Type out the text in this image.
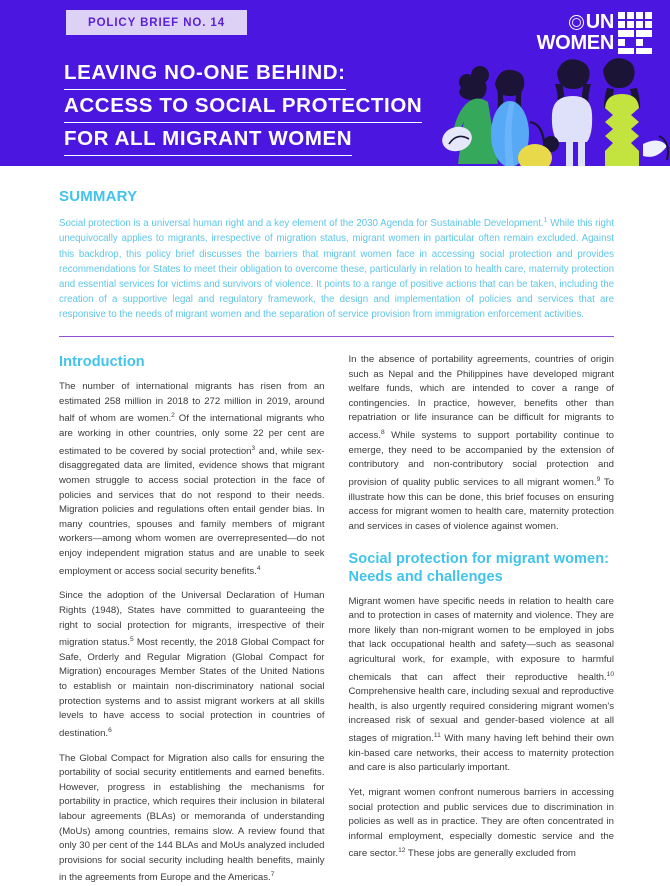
POLICY BRIEF NO. 14
LEAVING NO-ONE BEHIND:
ACCESS TO SOCIAL PROTECTION
FOR ALL MIGRANT WOMEN
UN
WOMEN
SUMMARY

Social protection is a universal human right and a key element of the 2030 Agenda for Sustainable Development.$^1$ While this right unequivocally applies to migrants, irrespective of migration status, migrant women in particular often remain excluded. Against this backdrop, this policy brief discusses the barriers that migrant women face in accessing social protection and provides recommendations for States to meet their obligation to overcome these, particularly in relation to health care, maternity protection and essential services for victims and survivors of violence. It points to a range of positive actions that can be taken, including the creation of a supportive legal and regulatory framework, the design and implementation of policies and services that are responsive to the needs of migrant women and the separation of service provision from immigration enforcement activities.

Introduction

The number of international migrants has risen from an estimated 258 million in 2018 to 272 million in 2019, around half of whom are women.$^2$ Of the international migrants who are working in other countries, only some 22 per cent are estimated to be covered by social protection$^3$ and, while sex-disaggregated data are limited, evidence shows that migrant women struggle to access social protection in the face of policies and services that do not respond to their needs. Migration policies and regulations often entail gender bias. In many countries, spouses and family members of migrant workers—among whom women are overrepresented—do not enjoy independent migration status and are unable to seek employment or access social security benefits.$^4$

Since the adoption of the Universal Declaration of Human Rights (1948), States have committed to guaranteeing the right to social protection for migrants, irrespective of their migration status.$^5$ Most recently, the 2018 Global Compact for Safe, Orderly and Regular Migration (Global Compact for Migration) encourages Member States of the United Nations to establish or maintain non-discriminatory national social protection systems and to assist migrant workers at all skills levels to have access to social protection in countries of destination.$^6$

The Global Compact for Migration also calls for ensuring the portability of social security entitlements and earned benefits. However, progress in establishing the mechanisms for portability in practice, which requires their inclusion in bilateral labour agreements (BLAs) or memoranda of understanding (MoUs) among countries, remains slow. A review found that only 30 per cent of the 144 BLAs and MoUs analyzed included provisions for social security including health benefits, mainly in the agreements from Europe and the Americas.$^7$

In the absence of portability agreements, countries of origin such as Nepal and the Philippines have developed migrant welfare funds, which are intended to cover a range of contingencies. In practice, however, benefits other than repatriation or life insurance can be difficult for migrants to access.$^8$ While systems to support portability continue to emerge, they need to be accompanied by the extension of contributory and non-contributory social protection and provision of quality public services to all migrant women.$^9$ To illustrate how this can be done, this brief focuses on ensuring access for migrant women to health care, maternity protection and services in cases of violence against women.

Social protection for migrant women: Needs and challenges

Migrant women have specific needs in relation to health care and to protection in cases of maternity and violence. They are more likely than non-migrant women to be employed in jobs that lack occupational health and safety—such as seasonal agricultural work, for example, with exposure to harmful chemicals that can affect their reproductive health.$^{10}$ Comprehensive health care, including sexual and reproductive health, is also urgently required considering migrant women's increased risk of sexual and gender-based violence at all stages of migration.$^{11}$ With many having left behind their own kin-based care networks, their access to maternity protection and care is also particularly important.

Yet, migrant women confront numerous barriers in accessing social protection and public services due to discrimination in policies as well as in practice. They are often concentrated in informal employment, especially domestic service and the care sector.$^{12}$ These jobs are generally excluded from
